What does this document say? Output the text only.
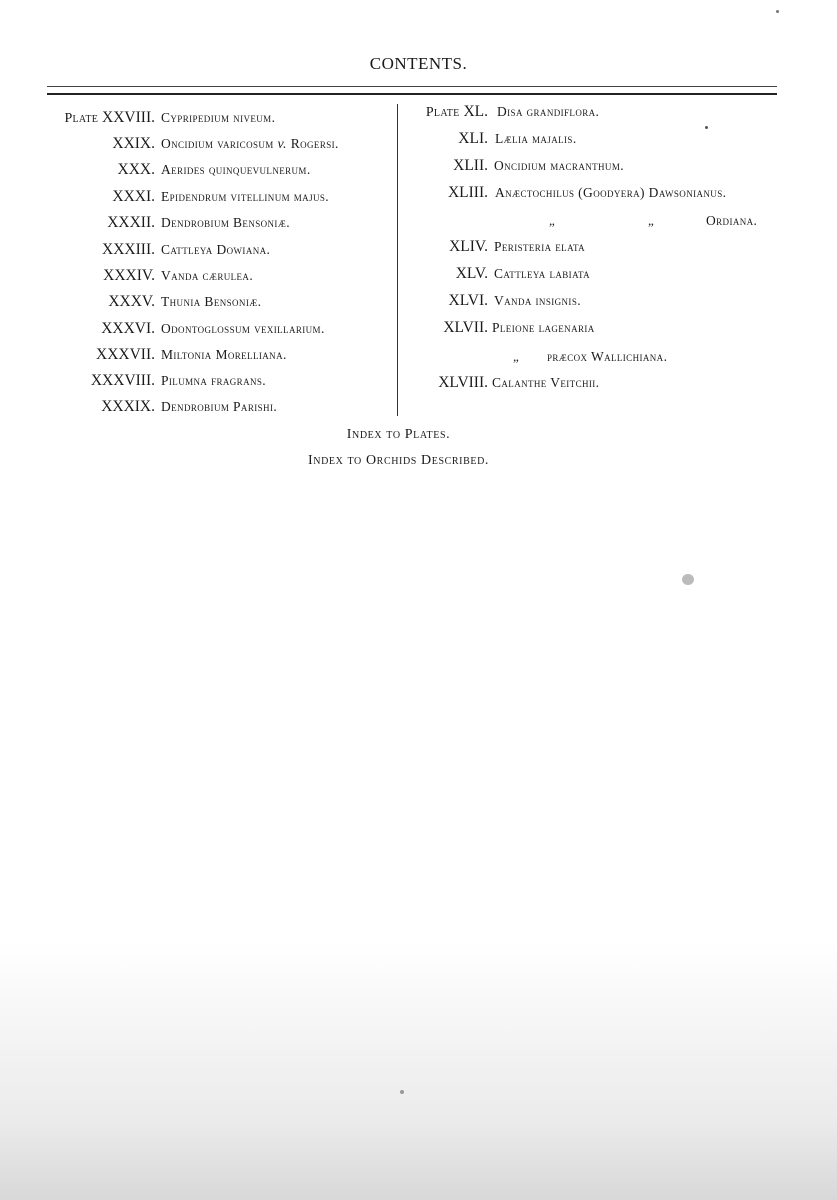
CONTENTS.
Plate XXVIII. Cypripedium niveum.
XXIX. Oncidium varicosum v. Rogersi.
XXX. Aerides quinquevulnerum.
XXXI. Epidendrum vitellinum majus.
XXXII. Dendrobium Bensoniæ.
XXXIII. Cattleya Dowiana.
XXXIV. Vanda cærulea.
XXXV. Thunia Bensoniæ.
XXXVI. Odontoglossum vexillarium.
XXXVII. Miltonia Morelliana.
XXXVIII. Pilumna fragrans.
XXXIX. Dendrobium Parishi.
Plate XL. Disa grandiflora.
XLI. Lælia majalis.
XLII. Oncidium macranthum.
XLIII. Anæctochilus (Goodyera) Dawsonianus.
„	„	Ordiana.
XLIV. Peristeria elata
XLV. Cattleya labiata
XLVI. Vanda insignis.
XLVII. Pleione lagenaria
„ præcox Wallichiana.
XLVIII. Calanthe Veitchii.
Index to Plates.
Index to Orchids Described.
